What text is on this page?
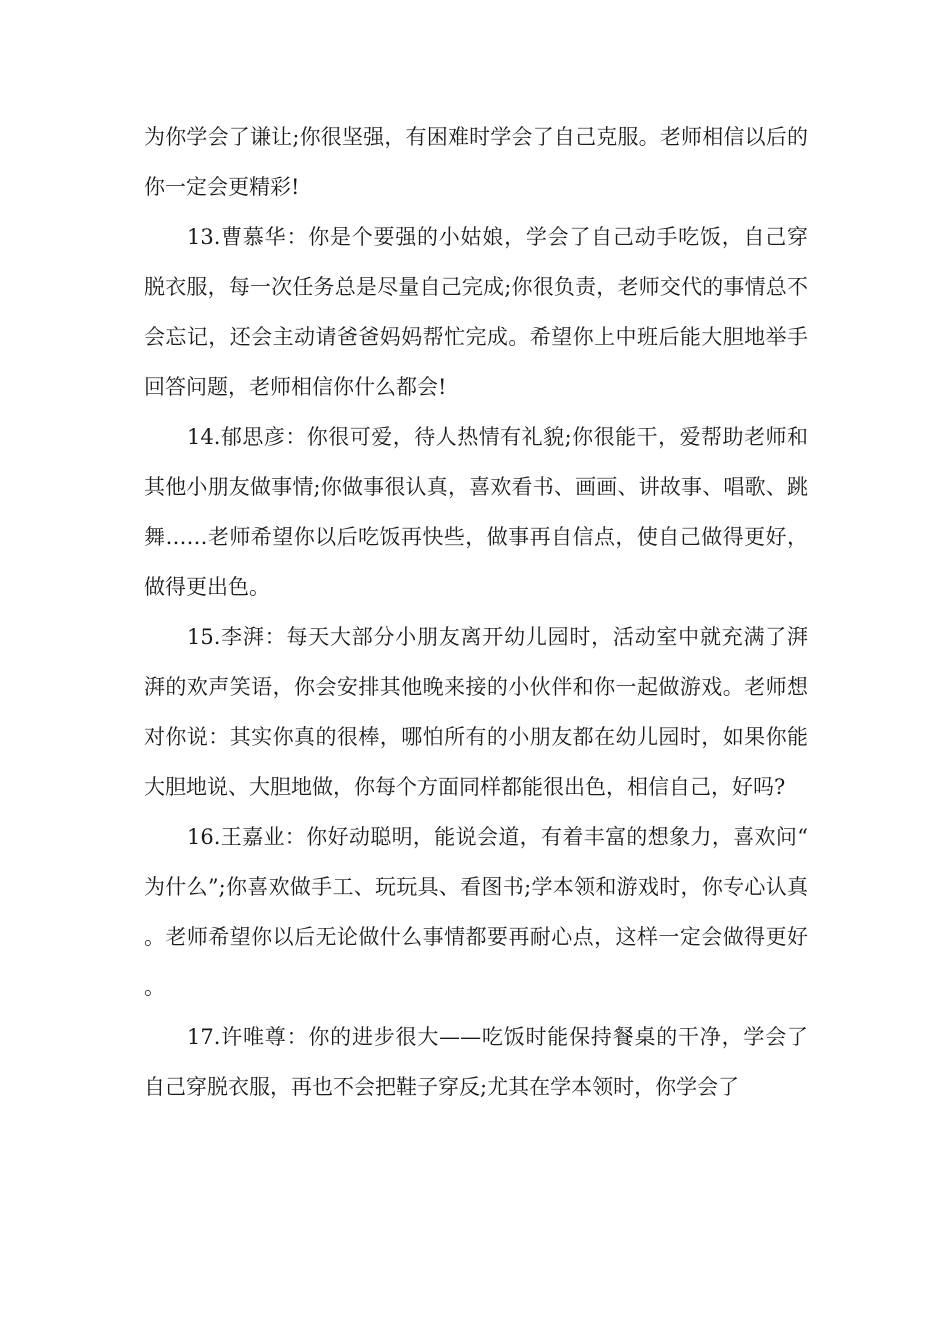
为你学会了谦让;你很坚强，有困难时学会了自己克服。老师相信以后的你一定会更精彩!

13.曹慕华：你是个要强的小姑娘，学会了自己动手吃饭，自己穿脱衣服，每一次任务总是尽量自己完成;你很负责，老师交代的事情总不会忘记，还会主动请爸爸妈妈帮忙完成。希望你上中班后能大胆地举手回答问题，老师相信你什么都会!

14.郁思彦：你很可爱，待人热情有礼貌;你很能干，爱帮助老师和其他小朋友做事情;你做事很认真，喜欢看书、画画、讲故事、唱歌、跳舞……老师希望你以后吃饭再快些，做事再自信点，使自己做得更好，做得更出色。

15.李湃：每天大部分小朋友离开幼儿园时，活动室中就充满了湃湃的欢声笑语，你会安排其他晚来接的小伙伴和你一起做游戏。老师想对你说：其实你真的很棒，哪怕所有的小朋友都在幼儿园时，如果你能大胆地说、大胆地做，你每个方面同样都能很出色，相信自己，好吗?

16.王嘉业：你好动聪明，能说会道，有着丰富的想象力，喜欢问“为什么”;你喜欢做手工、玩玩具、看图书;学本领和游戏时，你专心认真。老师希望你以后无论做什么事情都要再耐心点，这样一定会做得更好。

17.许唯尊：你的进步很大——吃饭时能保持餐桌的干净，学会了自己穿脱衣服，再也不会把鞋子穿反;尤其在学本领时，你学会了
